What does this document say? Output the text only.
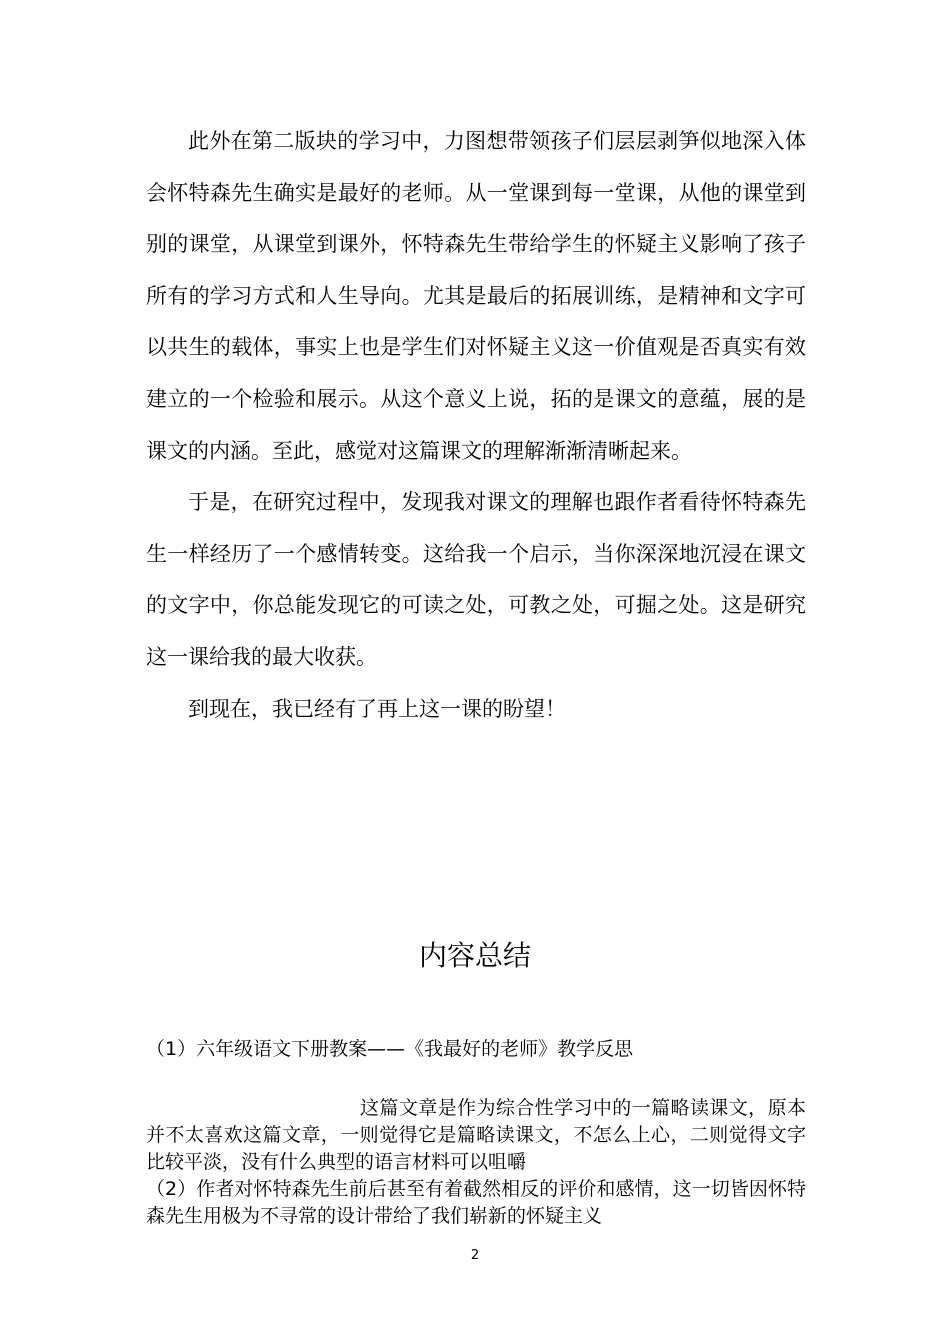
此外在第二版块的学习中，力图想带领孩子们层层剥笋似地深入体会怀特森先生确实是最好的老师。从一堂课到每一堂课，从他的课堂到别的课堂，从课堂到课外，怀特森先生带给学生的怀疑主义影响了孩子所有的学习方式和人生导向。尤其是最后的拓展训练，是精神和文字可以共生的载体，事实上也是学生们对怀疑主义这一价值观是否真实有效建立的一个检验和展示。从这个意义上说，拓的是课文的意蕴，展的是课文的内涵。至此，感觉对这篇课文的理解渐渐清晰起来。

于是，在研究过程中，发现我对课文的理解也跟作者看待怀特森先生一样经历了一个感情转变。这给我一个启示，当你深深地沉浸在课文的文字中，你总能发现它的可读之处，可教之处，可掘之处。这是研究这一课给我的最大收获。

到现在，我已经有了再上这一课的盼望！

内容总结

（1）六年级语文下册教案——《我最好的老师》教学反思

这篇文章是作为综合性学习中的一篇略读课文，原本并不太喜欢这篇文章，一则觉得它是篇略读课文，不怎么上心，二则觉得文字比较平淡，没有什么典型的语言材料可以咀嚼

（2）作者对怀特森先生前后甚至有着截然相反的评价和感情，这一切皆因怀特森先生用极为不寻常的设计带给了我们崭新的怀疑主义

2
